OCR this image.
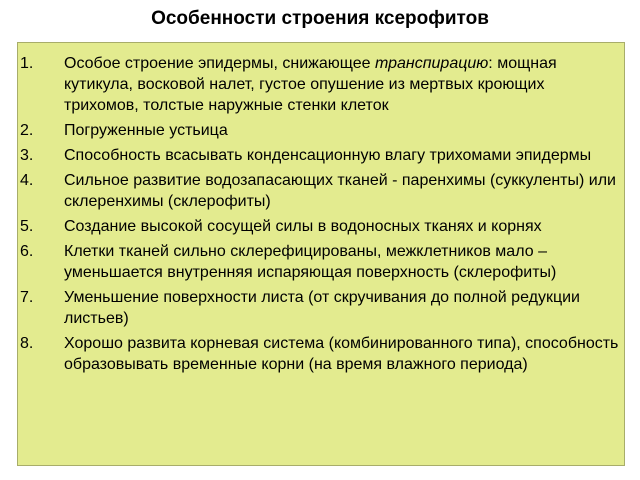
Особенности строения ксерофитов
1.	Особое строение эпидермы, снижающее транспирацию: мощная кутикула, восковой налет, густое опушение из мертвых кроющих трихомов, толстые наружные стенки клеток
2.	Погруженные устьица
3.	Способность всасывать конденсационную влагу трихомами эпидермы
4.	Сильное развитие водозапасающих тканей - паренхимы (суккуленты) или склеренхимы (склерофиты)
5.	Создание высокой сосущей силы в водоносных тканях и корнях
6.	Клетки тканей сильно склерефицированы, межклетников мало – уменьшается внутренняя испаряющая поверхность (склерофиты)
7.	Уменьшение поверхности листа (от скручивания до полной редукции листьев)
8.	Хорошо развита корневая система (комбинированного типа), способность образовывать временные корни (на время влажного периода)
